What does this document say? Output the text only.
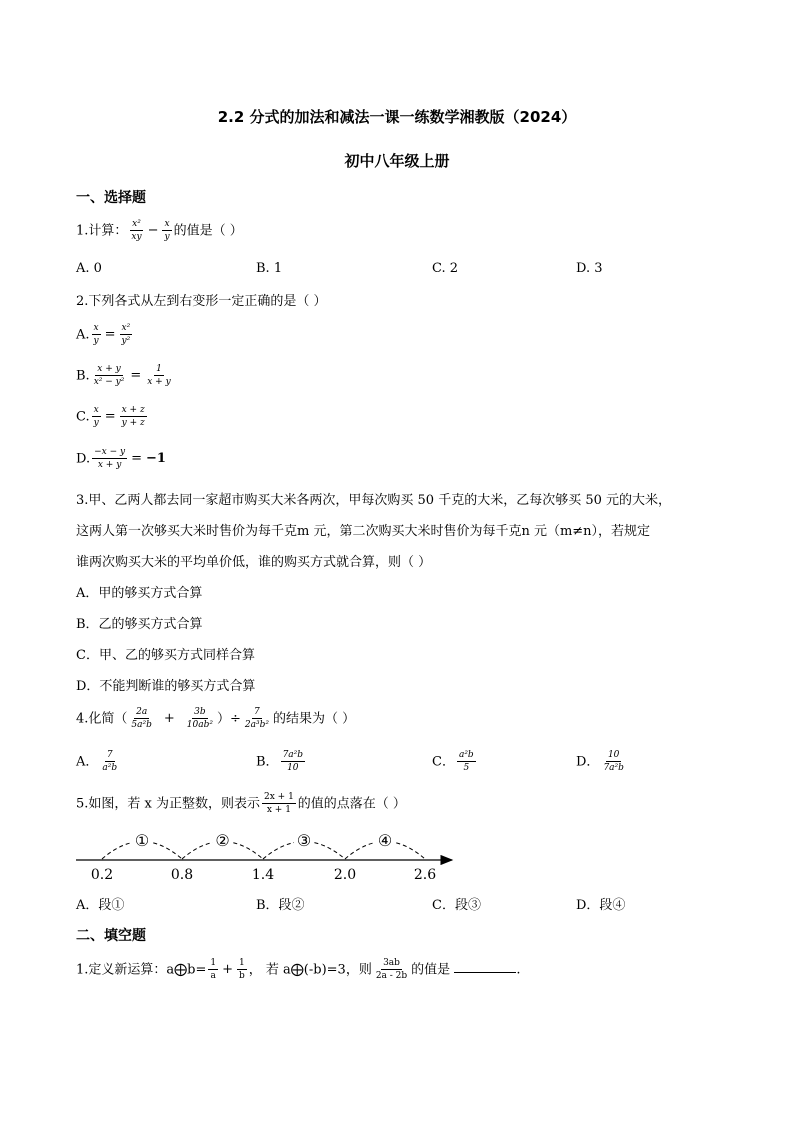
2.2 分式的加法和减法一课一练数学湘教版（2024）
初中八年级上册
一、选择题
1.计算： $\frac{\text{x²}}{xy} - \frac{x}{y}$ 的值是（ ）
A. 0	B. 1	C. 2	D. 3
2.下列各式从左到右变形一定正确的是（ ）
A. $\frac{x}{y} = \frac{\text{x²}}{\text{y²}}$
B. $\frac{x + y}{\text{x² − y²}} = \frac{1}{x + y}$
C. $\frac{x}{y} = \frac{x + z}{y + z}$
D. $\frac{-x - y}{x + y} = -1$
3.甲、乙两人都去同一家超市购买大米各两次，甲每次购买 50 千克的大米，乙每次够买 50 元的大米，
这两人第一次够买大米时售价为每千克m 元，第二次购买大米时售价为每千克n 元（m≠n），若规定
谁两次购买大米的平均单价低，谁的购买方式就合算，则（ ）
A．甲的够买方式合算
B．乙的够买方式合算
C．甲、乙的够买方式同样合算
D．不能判断谁的够买方式合算
4.化简（ $\frac{2a}{\text{5a²b}} + \frac{3b}{\text{10ab²}}$ ）÷ $\frac{7}{\text{2a³b²}}$ 的结果为（ ）
A． $\frac{7}{\text{a²b}}$	B． $\frac{\text{7a²b}}{10}$	C． $\frac{\text{a²b}}{5}$	D． $\frac{10}{\text{7a²b}}$
5.如图，若 x 为正整数，则表示 $\frac{2x + 1}{x + 1}$ 的值的点落在（ ）
①	②	③	④
0.2	0.8	1.4	2.0	2.6
A．段①	B．段②	C．段③	D．段④
二、填空题
1.定义新运算：a⨁b= $\frac{1}{a} + \frac{1}{b}$ ， 若 a⨁(-b)=3，则 $\frac{3ab}{2a - 2b}$ 的值是	.
